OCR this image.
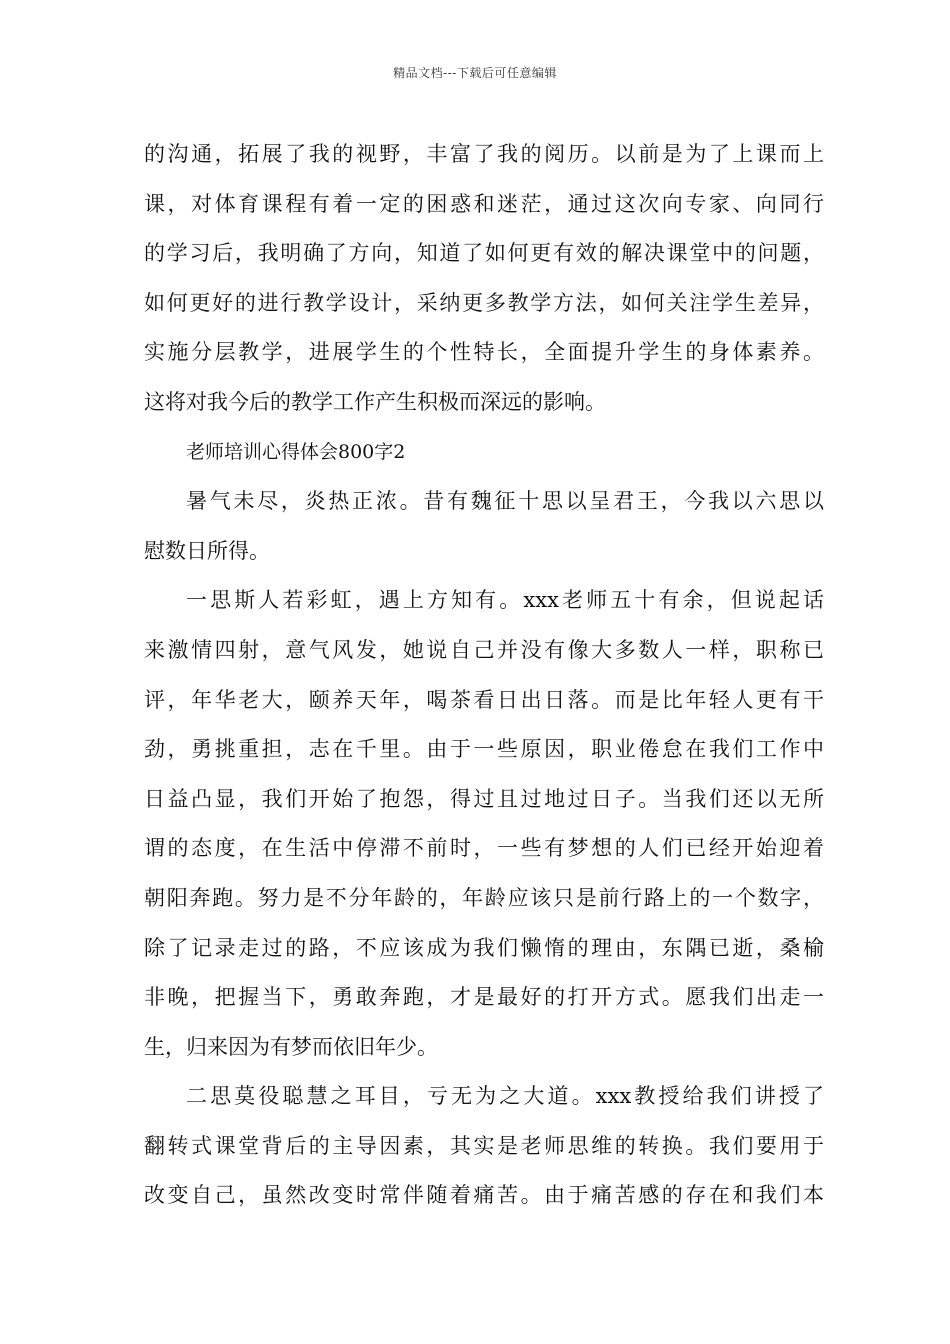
精品文档---下载后可任意编辑
的沟通，拓展了我的视野，丰富了我的阅历。以前是为了上课而上
课，对体育课程有着一定的困惑和迷茫，通过这次向专家、向同行
的学习后，我明确了方向，知道了如何更有效的解决课堂中的问题，
如何更好的进行教学设计，采纳更多教学方法，如何关注学生差异，
实施分层教学，进展学生的个性特长，全面提升学生的身体素养。
这将对我今后的教学工作产生积极而深远的影响。
老师培训心得体会800字2
暑气未尽，炎热正浓。昔有魏征十思以呈君王，今我以六思以
慰数日所得。
一思斯人若彩虹，遇上方知有。xxx老师五十有余，但说起话
来激情四射，意气风发，她说自己并没有像大多数人一样，职称已
评，年华老大，颐养天年，喝茶看日出日落。而是比年轻人更有干
劲，勇挑重担，志在千里。由于一些原因，职业倦怠在我们工作中
日益凸显，我们开始了抱怨，得过且过地过日子。当我们还以无所
谓的态度，在生活中停滞不前时，一些有梦想的人们已经开始迎着
朝阳奔跑。努力是不分年龄的，年龄应该只是前行路上的一个数字，
除了记录走过的路，不应该成为我们懒惰的理由，东隅已逝，桑榆
非晚，把握当下，勇敢奔跑，才是最好的打开方式。愿我们出走一
生，归来因为有梦而依旧年少。
二思莫役聪慧之耳目，亏无为之大道。xxx教授给我们讲授了
翻转式课堂背后的主导因素，其实是老师思维的转换。我们要用于
改变自己，虽然改变时常伴随着痛苦。由于痛苦感的存在和我们本
